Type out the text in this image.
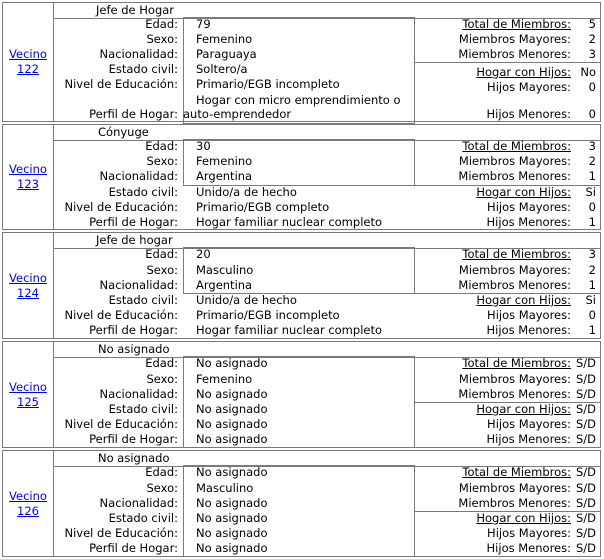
Vecino
122
Jefe de Hogar
Edad:
Sexo:
Nacionalidad:
Estado civil:
Nivel de Educación:
Perfil de Hogar:
79
Femenino
Paraguaya
Soltero/a
Primario/EGB incompleto
Hogar con micro emprendimiento o
auto-emprendedor
Total de Miembros:
Miembros Mayores:
Miembros Menores:
Hogar con Hijos:
Hijos Mayores:
Hijos Menores:
5
2
3
No
0
0
Vecino
123
Cónyuge
Edad:
Sexo:
Nacionalidad:
Estado civil:
Nivel de Educación:
Perfil de Hogar:
30
Femenino
Argentina
Unido/a de hecho
Primario/EGB completo
Hogar familiar nuclear completo
Total de Miembros:
Miembros Mayores:
Miembros Menores:
Hogar con Hijos:
Hijos Mayores:
Hijos Menores:
3
2
1
Si
0
1
Vecino
124
Jefe de hogar
Edad:
Sexo:
Nacionalidad:
Estado civil:
Nivel de Educación:
Perfil de Hogar:
20
Masculino
Argentina
Unido/a de hecho
Primario/EGB incompleto
Hogar familiar nuclear completo
Total de Miembros:
Miembros Mayores:
Miembros Menores:
Hogar con Hijos:
Hijos Mayores:
Hijos Menores:
3
2
1
Si
0
1
Vecino
125
No asignado
Edad:
Sexo:
Nacionalidad:
Estado civil:
Nivel de Educación:
Perfil de Hogar:
No asignado
Femenino
No asignado
No asignado
No asignado
No asignado
Total de Miembros:
Miembros Mayores:
Miembros Menores:
Hogar con Hijos:
Hijos Mayores:
Hijos Menores:
S/D
S/D
S/D
S/D
S/D
S/D
Vecino
126
No asignado
Edad:
Sexo:
Nacionalidad:
Estado civil:
Nivel de Educación:
Perfil de Hogar:
No asignado
Masculino
No asignado
No asignado
No asignado
No asignado
Total de Miembros:
Miembros Mayores:
Miembros Menores:
Hogar con Hijos:
Hijos Mayores:
Hijos Menores:
S/D
S/D
S/D
S/D
S/D
S/D
